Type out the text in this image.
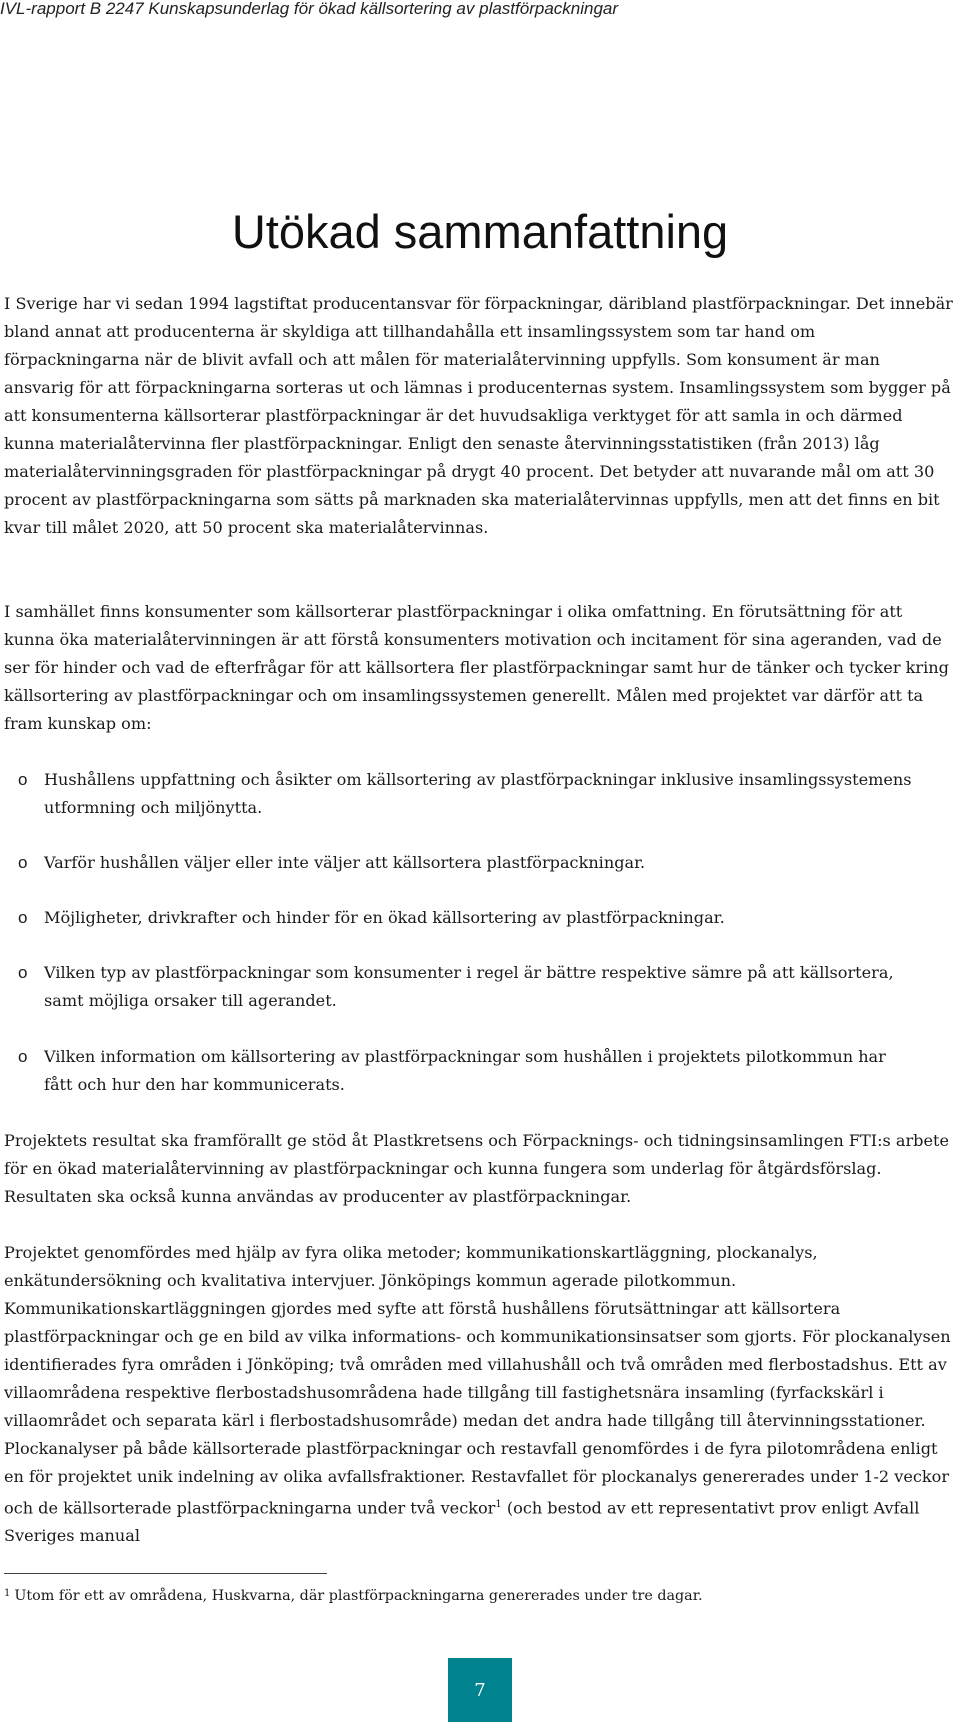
IVL-rapport B 2247 Kunskapsunderlag för ökad källsortering av plastförpackningar
Utökad sammanfattning

I Sverige har vi sedan 1994 lagstiftat producentansvar för förpackningar, däribland plastförpackningar. Det innebär bland annat att producenterna är skyldiga att tillhandahålla ett insamlingssystem som tar hand om förpackningarna när de blivit avfall och att målen för materialåtervinning uppfylls. Som konsument är man ansvarig för att förpackningarna sorteras ut och lämnas i producenternas system. Insamlingssystem som bygger på att konsumenterna källsorterar plastförpackningar är det huvudsakliga verktyget för att samla in och därmed kunna materialåtervinna fler plastförpackningar. Enligt den senaste återvinningsstatistiken (från 2013) låg materialåtervinningsgraden för plastförpackningar på drygt 40 procent. Det betyder att nuvarande mål om att 30 procent av plastförpackningarna som sätts på marknaden ska materialåtervinnas uppfylls, men att det finns en bit kvar till målet 2020, att 50 procent ska materialåtervinnas.

I samhället finns konsumenter som källsorterar plastförpackningar i olika omfattning. En förutsättning för att kunna öka materialåtervinningen är att förstå konsumenters motivation och incitament för sina ageranden, vad de ser för hinder och vad de efterfrågar för att källsortera fler plastförpackningar samt hur de tänker och tycker kring källsortering av plastförpackningar och om insamlingssystemen generellt. Målen med projektet var därför att ta fram kunskap om:

o Hushållens uppfattning och åsikter om källsortering av plastförpackningar inklusive insamlingssystemens utformning och miljönytta.

o Varför hushållen väljer eller inte väljer att källsortera plastförpackningar.

o Möjligheter, drivkrafter och hinder för en ökad källsortering av plastförpackningar.

o Vilken typ av plastförpackningar som konsumenter i regel är bättre respektive sämre på att källsortera, samt möjliga orsaker till agerandet.

o Vilken information om källsortering av plastförpackningar som hushållen i projektets pilotkommun har fått och hur den har kommunicerats.

Projektets resultat ska framförallt ge stöd åt Plastkretsens och Förpacknings- och tidningsinsamlingen FTI:s arbete för en ökad materialåtervinning av plastförpackningar och kunna fungera som underlag för åtgärdsförslag. Resultaten ska också kunna användas av producenter av plastförpackningar.

Projektet genomfördes med hjälp av fyra olika metoder; kommunikationskartläggning, plockanalys, enkätundersökning och kvalitativa intervjuer. Jönköpings kommun agerade pilotkommun. Kommunikationskartläggningen gjordes med syfte att förstå hushållens förutsättningar att källsortera plastförpackningar och ge en bild av vilka informations- och kommunikationsinsatser som gjorts. För plockanalysen identifierades fyra områden i Jönköping; två områden med villahushåll och två områden med flerbostadshus. Ett av villaområdena respektive flerbostadshusområdena hade tillgång till fastighetsnära insamling (fyrfackskärl i villaområdet och separata kärl i flerbostadshusområde) medan det andra hade tillgång till återvinningsstationer. Plockanalyser på både källsorterade plastförpackningar och restavfall genomfördes i de fyra pilotområdena enligt en för projektet unik indelning av olika avfallsfraktioner. Restavfallet för plockanalys genererades under 1-2 veckor och de källsorterade plastförpackningarna under två veckor$^1$ (och bestod av ett representativt prov enligt Avfall Sveriges manual

$^1$ Utom för ett av områdena, Huskvarna, där plastförpackningarna genererades under tre dagar.

7
